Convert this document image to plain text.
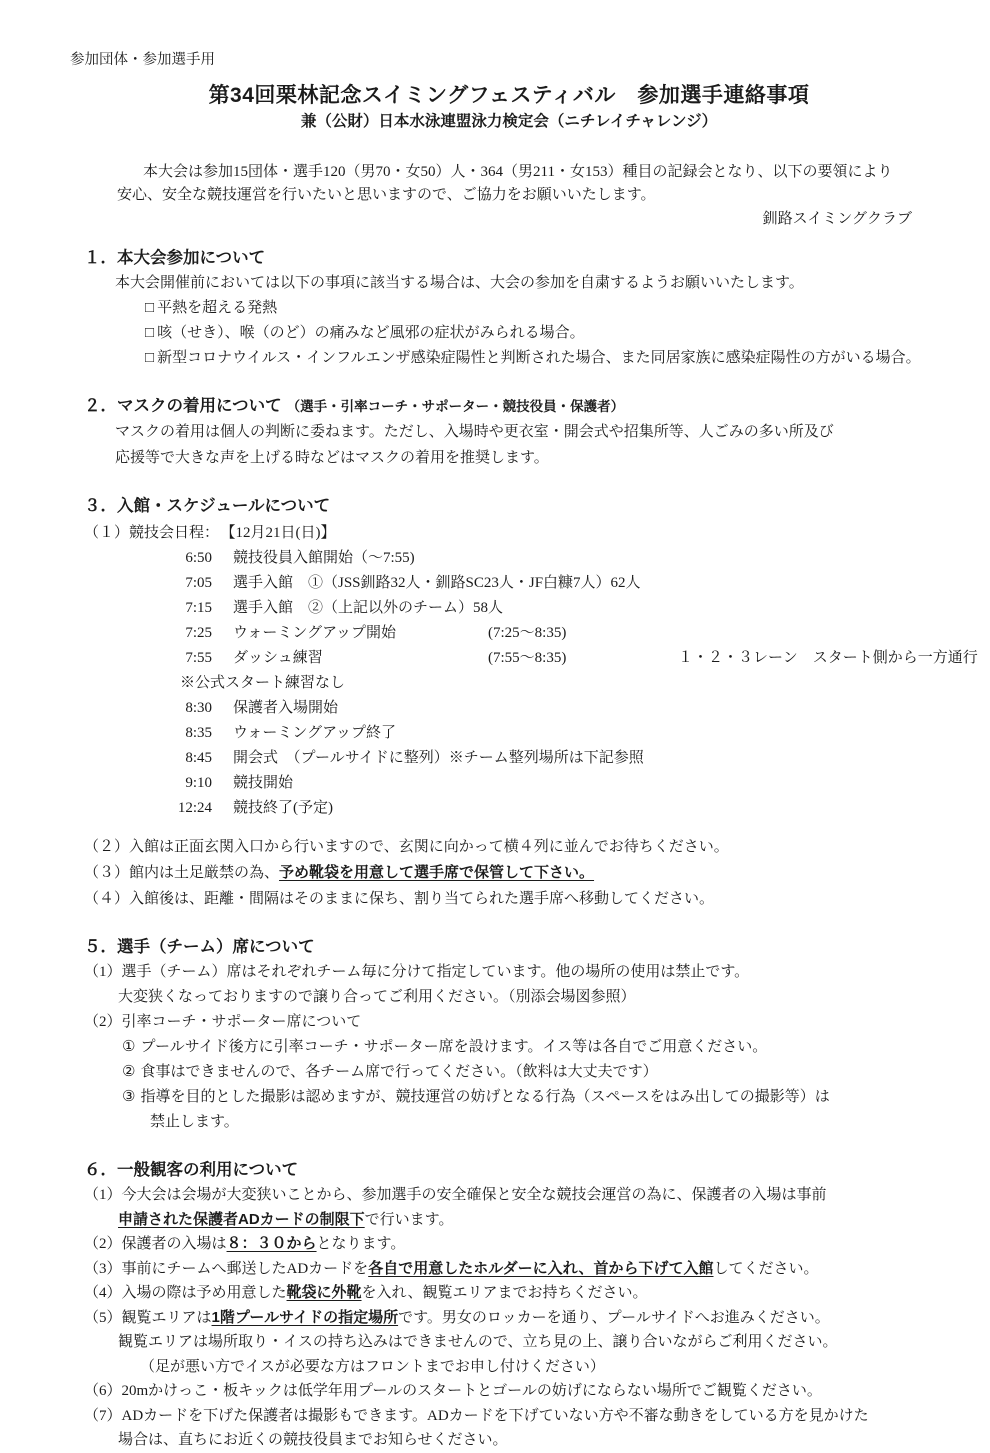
参加団体・参加選手用
第34回栗林記念スイミングフェスティバル　参加選手連絡事項
兼（公財）日本水泳連盟泳力検定会（ニチレイチャレンジ）
本大会は参加15団体・選手120（男70・女50）人・364（男211・女153）種目の記録会となり、以下の要領により
安心、安全な競技運営を行いたいと思いますので、ご協力をお願いいたします。
釧路スイミングクラブ
１．本大会参加について
本大会開催前においては以下の事項に該当する場合は、大会の参加を自粛するようお願いいたします。
□ 平熱を超える発熱
□ 咳（せき）、喉（のど）の痛みなど風邪の症状がみられる場合。
□ 新型コロナウイルス・インフルエンザ感染症陽性と判断された場合、また同居家族に感染症陽性の方がいる場合。
２．マスクの着用について （選手・引率コーチ・サポーター・競技役員・保護者）
マスクの着用は個人の判断に委ねます。ただし、入場時や更衣室・開会式や招集所等、人ごみの多い所及び
応援等で大きな声を上げる時などはマスクの着用を推奨します。
３．入館・スケジュールについて
（１）競技会日程： 【12月21日(日)】
6:50 競技役員入館開始（～7:55)
7:05 選手入館　①（JSS釧路32人・釧路SC23人・JF白糠7人）62人
7:15 選手入館　②（上記以外のチーム）58人
7:25 ウォーミングアップ開始	(7:25～8:35)
7:55 ダッシュ練習	(7:55～8:35)	１・２・３レーン　スタート側から一方通行
※公式スタート練習なし
8:30 保護者入場開始
8:35 ウォーミングアップ終了
8:45 開会式　（プールサイドに整列）※チーム整列場所は下記参照
9:10 競技開始
12:24 競技終了(予定)
（２）入館は正面玄関入口から行いますので、玄関に向かって横４列に並んでお待ちください。
（３）館内は土足厳禁の為、予め靴袋を用意して選手席で保管して下さい。
（４）入館後は、距離・間隔はそのままに保ち、割り当てられた選手席へ移動してください。
５．選手（チーム）席について
（1）選手（チーム）席はそれぞれチーム毎に分けて指定しています。他の場所の使用は禁止です。
大変狭くなっておりますので譲り合ってご利用ください。（別添会場図参照）
（2）引率コーチ・サポーター席について
① プールサイド後方に引率コーチ・サポーター席を設けます。イス等は各自でご用意ください。
② 食事はできませんので、各チーム席で行ってください。（飲料は大丈夫です）
③ 指導を目的とした撮影は認めますが、競技運営の妨げとなる行為（スペースをはみ出しての撮影等）は
禁止します。
６．一般観客の利用について
（1）今大会は会場が大変狭いことから、参加選手の安全確保と安全な競技会運営の為に、保護者の入場は事前
申請された保護者ADカードの制限下で行います。
（2）保護者の入場は８：３０からとなります。
（3）事前にチームへ郵送したADカードを各自で用意したホルダーに入れ、首から下げて入館してください。
（4）入場の際は予め用意した靴袋に外靴を入れ、観覧エリアまでお持ちください。
（5）観覧エリアは1階プールサイドの指定場所です。男女のロッカーを通り、プールサイドへお進みください。
観覧エリアは場所取り・イスの持ち込みはできませんので、立ち見の上、譲り合いながらご利用ください。
（足が悪い方でイスが必要な方はフロントまでお申し付けください）
（6）20mかけっこ・板キックは低学年用プールのスタートとゴールの妨げにならない場所でご観覧ください。
（7）ADカードを下げた保護者は撮影もできます。ADカードを下げていない方や不審な動きをしている方を見かけた
場合は、直ちにお近くの競技役員までお知らせください。
